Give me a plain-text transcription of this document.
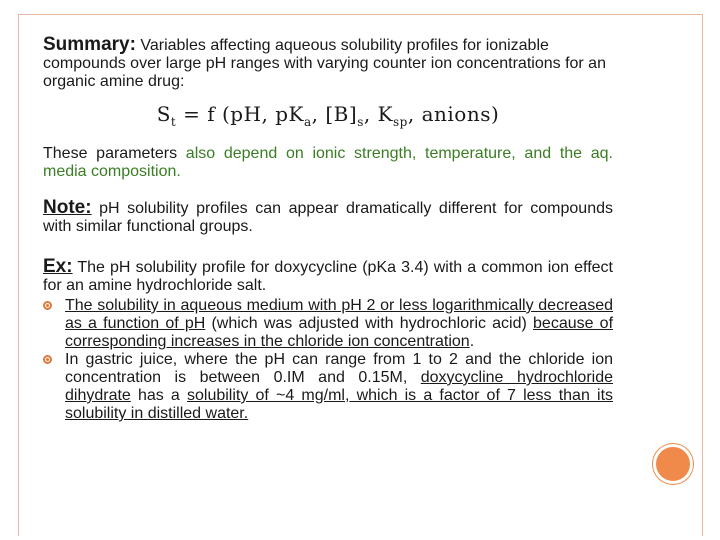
Summary: Variables affecting aqueous solubility profiles for ionizable compounds over large pH ranges with varying counter ion concentrations for an organic amine drug:

$S_t = f$ (pH, $pK_a$, $[B]_s$, $K_{sp}$, anions)

These parameters also depend on ionic strength, temperature, and the aq. media composition.

Note: pH solubility profiles can appear dramatically different for compounds with similar functional groups.

Ex: The pH solubility profile for doxycycline (pKa 3.4) with a common ion effect for an amine hydrochloride salt.

The solubility in aqueous medium with pH 2 or less logarithmically decreased as a function of pH (which was adjusted with hydrochloric acid) because of corresponding increases in the chloride ion concentration.
In gastric juice, where the pH can range from 1 to 2 and the chloride ion concentration is between 0.IM and 0.15M, doxycycline hydrochloride dihydrate has a solubility of ~4 mg/ml, which is a factor of 7 less than its solubility in distilled water.
